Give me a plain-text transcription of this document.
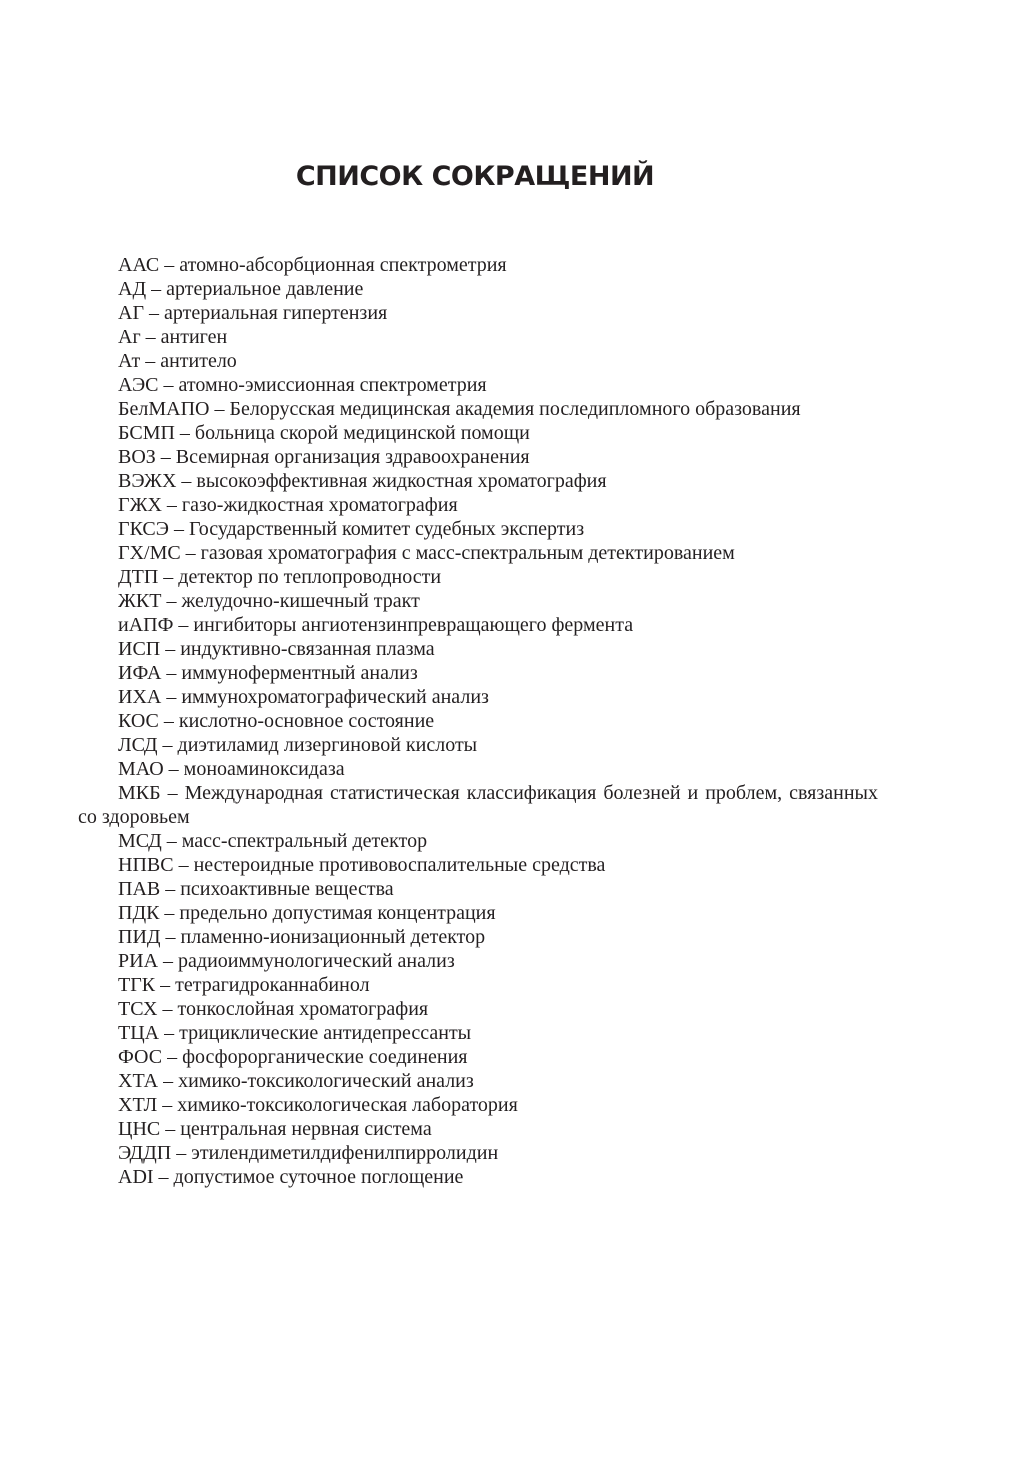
СПИСОК СОКРАЩЕНИЙ
ААС – атомно-абсорбционная спектрометрия
АД – артериальное давление
АГ – артериальная гипертензия
Аг – антиген
Ат – антитело
АЭС – атомно-эмиссионная спектрометрия
БелМАПО – Белорусская медицинская академия последипломного образования
БСМП – больница скорой медицинской помощи
ВОЗ – Всемирная организация здравоохранения
ВЭЖХ – высокоэффективная жидкостная хроматография
ГЖХ – газо-жидкостная хроматография
ГКСЭ – Государственный комитет судебных экспертиз
ГХ/МС – газовая хроматография с масс-спектральным детектированием
ДТП – детектор по теплопроводности
ЖКТ – желудочно-кишечный тракт
иАПФ – ингибиторы ангиотензинпревращающего фермента
ИСП – индуктивно-связанная плазма
ИФА – иммуноферментный анализ
ИХА – иммунохроматографический анализ
КОС – кислотно-основное состояние
ЛСД – диэтиламид лизергиновой кислоты
МАО – моноаминоксидаза
МКБ – Международная статистическая классификация болезней и проблем, связанных со здоровьем
МСД – масс-спектральный детектор
НПВС – нестероидные противовоспалительные средства
ПАВ – психоактивные вещества
ПДК – предельно допустимая концентрация
ПИД – пламенно-ионизационный детектор
РИА – радиоиммунологический анализ
ТГК – тетрагидроканнабинол
ТСХ – тонкослойная хроматография
ТЦА – трициклические антидепрессанты
ФОС – фосфорорганические соединения
ХТА – химико-токсикологический анализ
ХТЛ – химико-токсикологическая лаборатория
ЦНС – центральная нервная система
ЭДДП – этилендиметилдифенилпирролидин
ADI – допустимое суточное поглощение
